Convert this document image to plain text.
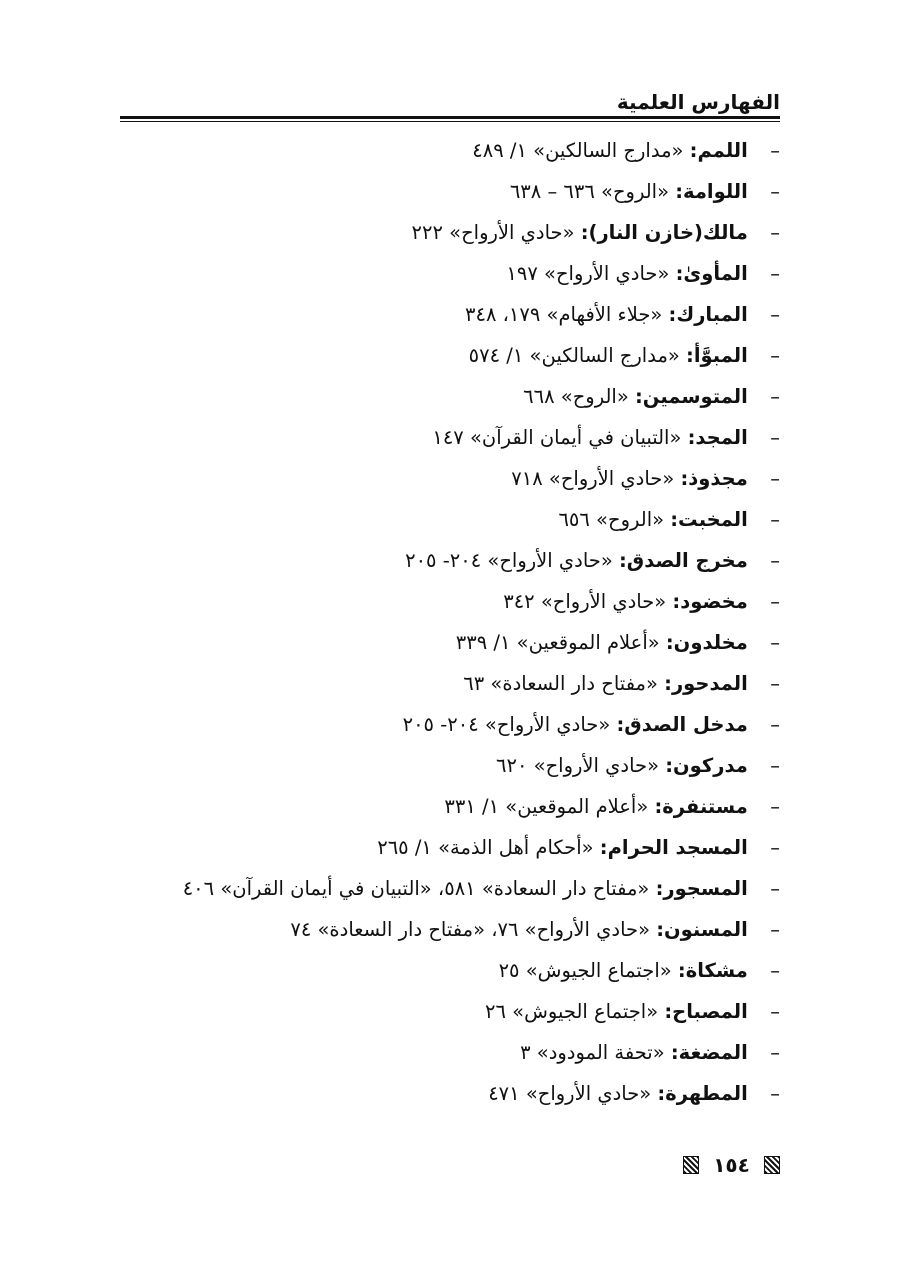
الفهارس العلمية
– اللمم: «مدارج السالكين» ١/ ٤٨٩
– اللوامة: «الروح» ٦٣٦ – ٦٣٨
– مالك(خازن النار): «حادي الأرواح» ٢٢٢
– المأوىٰ: «حادي الأرواح» ١٩٧
– المبارك: «جلاء الأفهام» ١٧٩، ٣٤٨
– المبوَّأ: «مدارج السالكين» ١/ ٥٧٤
– المتوسمين: «الروح» ٦٦٨
– المجد: «التبيان في أيمان القرآن» ١٤٧
– مجذوذ: «حادي الأرواح» ٧١٨
– المخبت: «الروح» ٦٥٦
– مخرج الصدق: «حادي الأرواح» ٢٠٤- ٢٠٥
– مخضود: «حادي الأرواح» ٣٤٢
– مخلدون: «أعلام الموقعين» ١/ ٣٣٩
– المدحور: «مفتاح دار السعادة» ٦٣
– مدخل الصدق: «حادي الأرواح» ٢٠٤- ٢٠٥
– مدركون: «حادي الأرواح» ٦٢٠
– مستنفرة: «أعلام الموقعين» ١/ ٣٣١
– المسجد الحرام: «أحكام أهل الذمة» ١/ ٢٦٥
– المسجور: «مفتاح دار السعادة» ٥٨١، «التبيان في أيمان القرآن» ٤٠٦
– المسنون: «حادي الأرواح» ٧٦، «مفتاح دار السعادة» ٧٤
– مشكاة: «اجتماع الجيوش» ٢٥
– المصباح: «اجتماع الجيوش» ٢٦
– المضغة: «تحفة المودود» ٣
– المطهرة: «حادي الأرواح» ٤٧١
١٥٤
